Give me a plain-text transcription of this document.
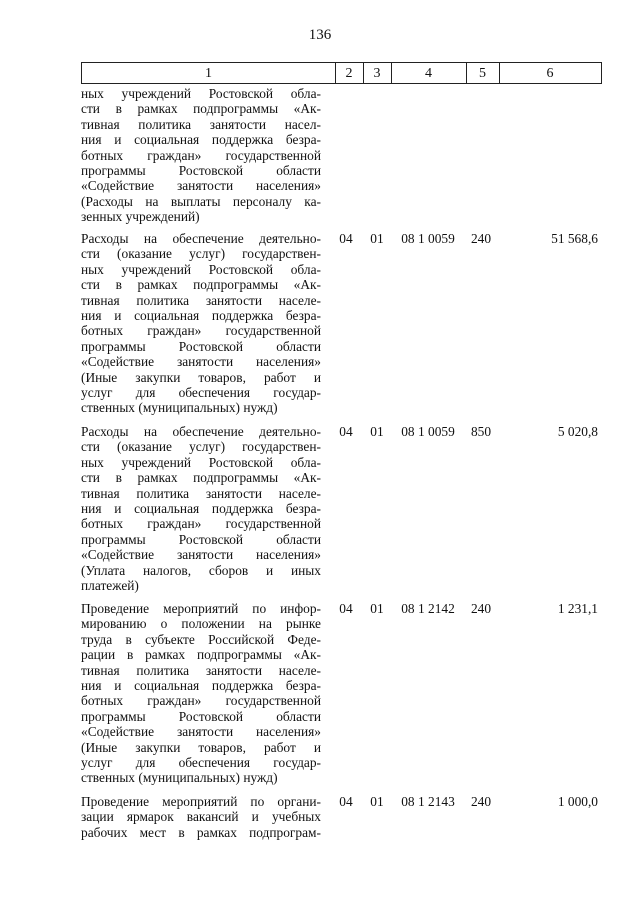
136
1	2	3	4	5	6
ных учреждений Ростовской обла-
сти в рамках подпрограммы «Ак-
тивная политика занятости насел-
ния и социальная поддержка безра-
ботных граждан» государственной
программы Ростовской области
«Содействие занятости населения»
(Расходы на выплаты персоналу ка-
зенных учреждений)
Расходы на обеспечение деятельно-
сти (оказание услуг) государствен-
ных учреждений Ростовской обла-
сти в рамках подпрограммы «Ак-
тивная политика занятости населе-
ния и социальная поддержка безра-
ботных граждан» государственной
программы Ростовской области
«Содействие занятости населения»
(Иные закупки товаров, работ и
услуг для обеспечения государ-
ственных (муниципальных) нужд)
04	01	08 1 0059	240	51 568,6
Расходы на обеспечение деятельно-
сти (оказание услуг) государствен-
ных учреждений Ростовской обла-
сти в рамках подпрограммы «Ак-
тивная политика занятости населе-
ния и социальная поддержка безра-
ботных граждан» государственной
программы Ростовской области
«Содействие занятости населения»
(Уплата налогов, сборов и иных
платежей)
04	01	08 1 0059	850	5 020,8
Проведение мероприятий по инфор-
мированию о положении на рынке
труда в субъекте Российской Феде-
рации в рамках подпрограммы «Ак-
тивная политика занятости населе-
ния и социальная поддержка безра-
ботных граждан» государственной
программы Ростовской области
«Содействие занятости населения»
(Иные закупки товаров, работ и
услуг для обеспечения государ-
ственных (муниципальных) нужд)
04	01	08 1 2142	240	1 231,1
Проведение мероприятий по органи-
зации ярмарок вакансий и учебных
рабочих мест в рамках подпрограм-
04	01	08 1 2143	240	1 000,0
